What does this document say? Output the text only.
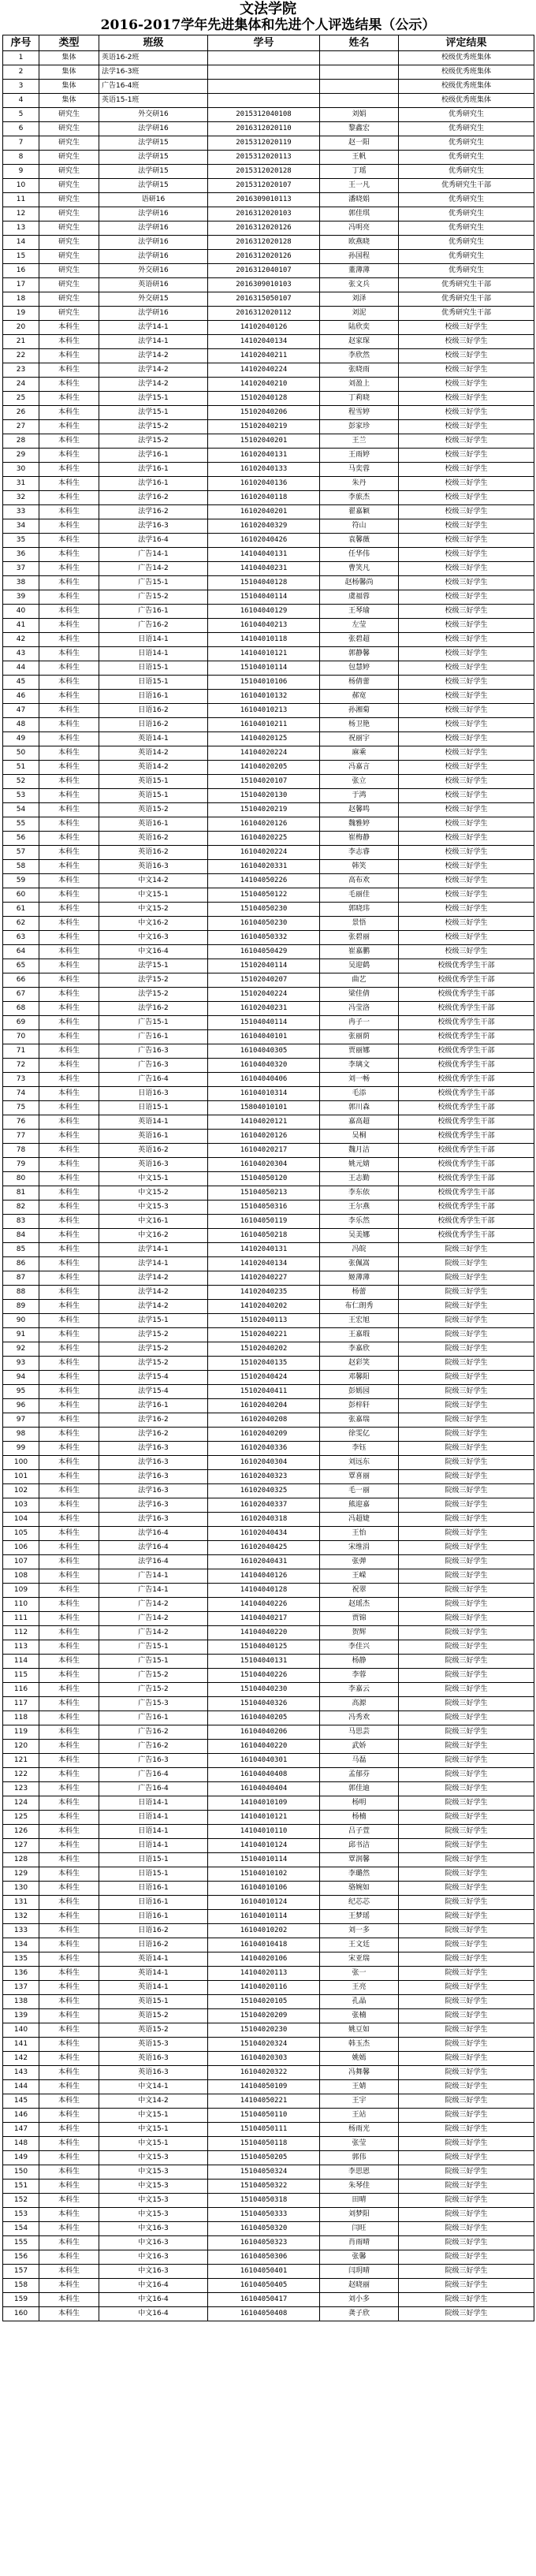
文法学院
2016-2017学年先进集体和先进个人评选结果（公示）
序号	类型	班级	学号	姓名	评定结果
1	集体	英语16-2班			校级优秀班集体
2	集体	法学16-3班			校级优秀班集体
3	集体	广告16-4班			校级优秀班集体
4	集体	英语15-1班			校级优秀班集体
5	研究生	外交研16	2015312040108	刘娟	优秀研究生
6	研究生	法学研16	2016312020110	黎鑫宏	优秀研究生
7	研究生	法学研15	2015312020119	赵一阳	优秀研究生
8	研究生	法学研15	2015312020113	王帆	优秀研究生
9	研究生	法学研15	2015312020128	丁瑶	优秀研究生
10	研究生	法学研15	2015312020107	王一凡	优秀研究生干部
11	研究生	语研16	2016309010113	潘晓娟	优秀研究生
12	研究生	法学研16	2016312020103	郭佳琪	优秀研究生
13	研究生	法学研16	2016312020126	冯明亮	优秀研究生
14	研究生	法学研16	2016312020128	欧燕晓	优秀研究生
15	研究生	法学研16	2016312020126	孙国程	优秀研究生
16	研究生	外交研16	2016312040107	董薄薄	优秀研究生
17	研究生	英语研16	2016309010103	张文兵	优秀研究生干部
18	研究生	外交研15	2016315050107	刘泽	优秀研究生干部
19	研究生	法学研16	2016312020112	刘泥	优秀研究生干部
20	本科生	法学14-1	14102040126	陆欣奕	校级三好学生
21	本科生	法学14-1	14102040134	赵家琛	校级三好学生
22	本科生	法学14-2	14102040211	李欣然	校级三好学生
23	本科生	法学14-2	14102040224	张晓雨	校级三好学生
24	本科生	法学14-2	14102040210	刘盈上	校级三好学生
25	本科生	法学15-1	15102040128	丁莉晓	校级三好学生
26	本科生	法学15-1	15102040206	程雪婷	校级三好学生
27	本科生	法学15-2	15102040219	彭家珍	校级三好学生
28	本科生	法学15-2	15102040201	王兰	校级三好学生
29	本科生	法学16-1	16102040131	王雨婷	校级三好学生
30	本科生	法学16-1	16102040133	马奕蓉	校级三好学生
31	本科生	法学16-1	16102040136	朱丹	校级三好学生
32	本科生	法学16-2	16102040118	李旅杰	校级三好学生
33	本科生	法学16-2	16102040201	翟嘉颖	校级三好学生
34	本科生	法学16-3	16102040329	符山	校级三好学生
35	本科生	法学16-4	16102040426	袁馨薇	校级三好学生
36	本科生	广告14-1	14104040131	任华伟	校级三好学生
37	本科生	广告14-2	14104040231	曹笑凡	校级三好学生
38	本科生	广告15-1	15104040128	赵杨馨尚	校级三好学生
39	本科生	广告15-2	15104040114	虞福蓉	校级三好学生
40	本科生	广告16-1	16104040129	王琴瑜	校级三好学生
41	本科生	广告16-2	16104040213	左莹	校级三好学生
42	本科生	日语14-1	14104010118	张碧超	校级三好学生
43	本科生	日语14-1	14104010121	郭静馨	校级三好学生
44	本科生	日语15-1	15104010114	包慧婷	校级三好学生
45	本科生	日语15-1	15104010106	杨倩蕾	校级三好学生
46	本科生	日语16-1	16104010132	郝宽	校级三好学生
47	本科生	日语16-2	16104010213	孙湘菊	校级三好学生
48	本科生	日语16-2	16104010211	杨卫艳	校级三好学生
49	本科生	英语14-1	14104020125	祝丽宇	校级三好学生
50	本科生	英语14-2	14104020224	麻乘	校级三好学生
51	本科生	英语14-2	14104020205	冯嘉言	校级三好学生
52	本科生	英语15-1	15104020107	张立	校级三好学生
53	本科生	英语15-1	15104020130	于鸿	校级三好学生
54	本科生	英语15-2	15104020219	赵馨鸣	校级三好学生
55	本科生	英语16-1	16104020126	魏雅婷	校级三好学生
56	本科生	英语16-2	16104020225	崔梅静	校级三好学生
57	本科生	英语16-2	16104020224	李志睿	校级三好学生
58	本科生	英语16-3	16104020331	韩笑	校级三好学生
59	本科生	中文14-2	14104050226	高布欢	校级三好学生
60	本科生	中文15-1	15104050122	毛丽佳	校级三好学生
61	本科生	中文15-2	15104050230	郭晓玮	校级三好学生
62	本科生	中文16-2	16104050230	景悟	校级三好学生
63	本科生	中文16-3	16104050332	张碧丽	校级三好学生
64	本科生	中文16-4	16104050429	崔嘉鹏	校级三好学生
65	本科生	法学15-1	15102040114	吴迎鹤	校级优秀学生干部
66	本科生	法学15-2	15102040207	曲艺	校级优秀学生干部
67	本科生	法学15-2	15102040224	梁佳倩	校级优秀学生干部
68	本科生	法学16-2	16102040231	冯莹洛	校级优秀学生干部
69	本科生	广告15-1	15104040114	冉子一	校级优秀学生干部
70	本科生	广告16-1	16104040101	张丽荫	校级优秀学生干部
71	本科生	广告16-3	16104040305	贾丽娜	校级优秀学生干部
72	本科生	广告16-3	16104040320	李璃文	校级优秀学生干部
73	本科生	广告16-4	16104040406	刘一畅	校级优秀学生干部
74	本科生	日语16-3	16104010314	毛添	校级优秀学生干部
75	本科生	日语15-1	15804010101	郭川森	校级优秀学生干部
76	本科生	英语14-1	14104020121	嘉高超	校级优秀学生干部
77	本科生	英语16-1	16104020126	吴桐	校级优秀学生干部
78	本科生	英语16-2	16104020217	魏月洁	校级优秀学生干部
79	本科生	英语16-3	16104020304	姚元婧	校级优秀学生干部
80	本科生	中文15-1	15104050120	王志勤	校级优秀学生干部
81	本科生	中文15-2	15104050213	李东依	校级优秀学生干部
82	本科生	中文15-3	15104050316	王尔燕	校级优秀学生干部
83	本科生	中文16-1	16104050119	李乐然	校级优秀学生干部
84	本科生	中文16-2	16104050218	吴美娜	校级优秀学生干部
85	本科生	法学14-1	14102040131	冯皖	院级三好学生
86	本科生	法学14-1	14102040134	张佩嵩	院级三好学生
87	本科生	法学14-2	14102040227	姬薄薄	院级三好学生
88	本科生	法学14-2	14102040235	杨蕾	院级三好学生
89	本科生	法学14-2	14102040202	布仁朗秀	院级三好学生
90	本科生	法学15-1	15102040113	王宏旭	院级三好学生
91	本科生	法学15-2	15102040221	王嘉瑕	院级三好学生
92	本科生	法学15-2	15102040202	李嘉欣	院级三好学生
93	本科生	法学15-2	15102040135	赵彩笑	院级三好学生
94	本科生	法学15-4	15102040424	邓馨阳	院级三好学生
95	本科生	法学15-4	15102040411	彭嫣园	院级三好学生
96	本科生	法学16-1	16102040204	彭梓轩	院级三好学生
97	本科生	法学16-2	16102040208	张嘉瑞	院级三好学生
98	本科生	法学16-2	16102040209	徐雯亿	院级三好学生
99	本科生	法学16-3	16102040336	李钰	院级三好学生
100	本科生	法学16-3	16102040304	刘远东	院级三好学生
101	本科生	法学16-3	16102040323	覃喜丽	院级三好学生
102	本科生	法学16-3	16102040325	毛一丽	院级三好学生
103	本科生	法学16-3	16102040337	熊迎嘉	院级三好学生
104	本科生	法学16-3	16102040318	冯超婕	院级三好学生
105	本科生	法学16-4	16102040434	王怡	院级三好学生
106	本科生	法学16-4	16102040425	宋维涓	院级三好学生
107	本科生	法学16-4	16102040431	张弹	院级三好学生
108	本科生	广告14-1	14104040126	王嵘	院级三好学生
109	本科生	广告14-1	14104040128	祝翠	院级三好学生
110	本科生	广告14-2	14104040226	赵瑶杰	院级三好学生
111	本科生	广告14-2	14104040217	贾锦	院级三好学生
112	本科生	广告14-2	14104040220	贺辉	院级三好学生
113	本科生	广告15-1	15104040125	李佳兴	院级三好学生
114	本科生	广告15-1	15104040131	杨静	院级三好学生
115	本科生	广告15-2	15104040226	李蓉	院级三好学生
116	本科生	广告15-2	15104040230	李嘉云	院级三好学生
117	本科生	广告15-3	15104040326	高源	院级三好学生
118	本科生	广告16-1	16104040205	冯秀欢	院级三好学生
119	本科生	广告16-2	16104040206	马思芸	院级三好学生
120	本科生	广告16-2	16104040220	武娇	院级三好学生
121	本科生	广告16-3	16104040301	马磊	院级三好学生
122	本科生	广告16-4	16104040408	孟郁芬	院级三好学生
123	本科生	广告16-4	16104040404	郭佳迪	院级三好学生
124	本科生	日语14-1	14104010109	杨明	院级三好学生
125	本科生	日语14-1	14104010121	杨楠	院级三好学生
126	本科生	日语14-1	14104010110	吕子萱	院级三好学生
127	本科生	日语14-1	14104010124	邱书洁	院级三好学生
128	本科生	日语15-1	15104010114	覃润馨	院级三好学生
129	本科生	日语15-1	15104010102	李璐然	院级三好学生
130	本科生	日语16-1	16104010106	骆婉如	院级三好学生
131	本科生	日语16-1	16104010124	纪芯芯	院级三好学生
132	本科生	日语16-1	16104010114	王梦瑶	院级三好学生
133	本科生	日语16-2	16104010202	刘一多	院级三好学生
134	本科生	日语16-2	16104010418	王文廷	院级三好学生
135	本科生	英语14-1	14104020106	宋亚瑞	院级三好学生
136	本科生	英语14-1	14104020113	张一	院级三好学生
137	本科生	英语14-1	14104020116	王亮	院级三好学生
138	本科生	英语15-1	15104020105	孔晶	院级三好学生
139	本科生	英语15-2	15104020209	张楠	院级三好学生
140	本科生	英语15-2	15104020230	姚豆如	院级三好学生
141	本科生	英语15-3	15104020324	韩玉杰	院级三好学生
142	本科生	英语16-3	16104020303	姚嫣	院级三好学生
143	本科生	英语16-3	16104020322	冯舞馨	院级三好学生
144	本科生	中文14-1	14104050109	王婧	院级三好学生
145	本科生	中文14-2	14104050221	王宇	院级三好学生
146	本科生	中文15-1	15104050110	王站	院级三好学生
147	本科生	中文15-1	15104050111	杨雨光	院级三好学生
148	本科生	中文15-1	15104050118	张莹	院级三好学生
149	本科生	中文15-3	15104050205	郭伟	院级三好学生
150	本科生	中文15-3	15104050324	李思恩	院级三好学生
151	本科生	中文15-3	15104050322	朱琴佳	院级三好学生
152	本科生	中文15-3	15104050318	田晴	院级三好学生
153	本科生	中文15-3	15104050333	刘梦阳	院级三好学生
154	本科生	中文16-3	16104050320	闫旺	院级三好学生
155	本科生	中文16-3	16104050323	肖雨晴	院级三好学生
156	本科生	中文16-3	16104050306	张馨	院级三好学生
157	本科生	中文16-3	16104050401	闫玥晴	院级三好学生
158	本科生	中文16-4	16104050405	赵晓丽	院级三好学生
159	本科生	中文16-4	16104050417	刘小多	院级三好学生
160	本科生	中文16-4	16104050408	龚子欣	院级三好学生
